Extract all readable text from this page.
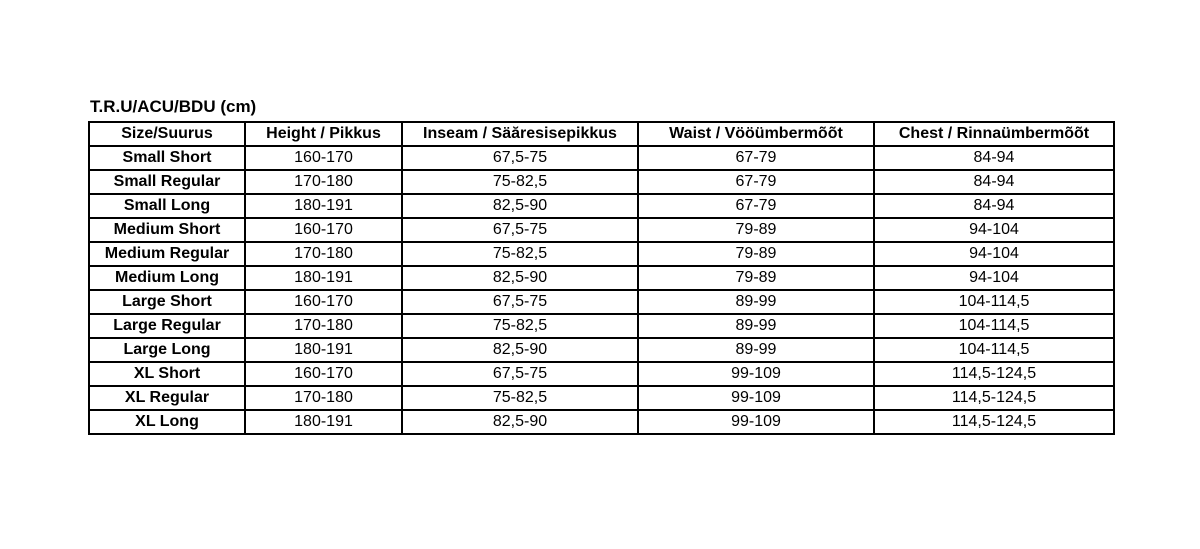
T.R.U/ACU/BDU (cm)
Size/Suurus	Height / Pikkus	Inseam / Säăresisepikkus	Waist / Vööümbermõõt	Chest / Rinnaümbermõõt
Small Short	160-170	67,5-75	67-79	84-94
Small Regular	170-180	75-82,5	67-79	84-94
Small Long	180-191	82,5-90	67-79	84-94
Medium Short	160-170	67,5-75	79-89	94-104
Medium Regular	170-180	75-82,5	79-89	94-104
Medium Long	180-191	82,5-90	79-89	94-104
Large Short	160-170	67,5-75	89-99	104-114,5
Large Regular	170-180	75-82,5	89-99	104-114,5
Large Long	180-191	82,5-90	89-99	104-114,5
XL Short	160-170	67,5-75	99-109	114,5-124,5
XL Regular	170-180	75-82,5	99-109	114,5-124,5
XL Long	180-191	82,5-90	99-109	114,5-124,5
